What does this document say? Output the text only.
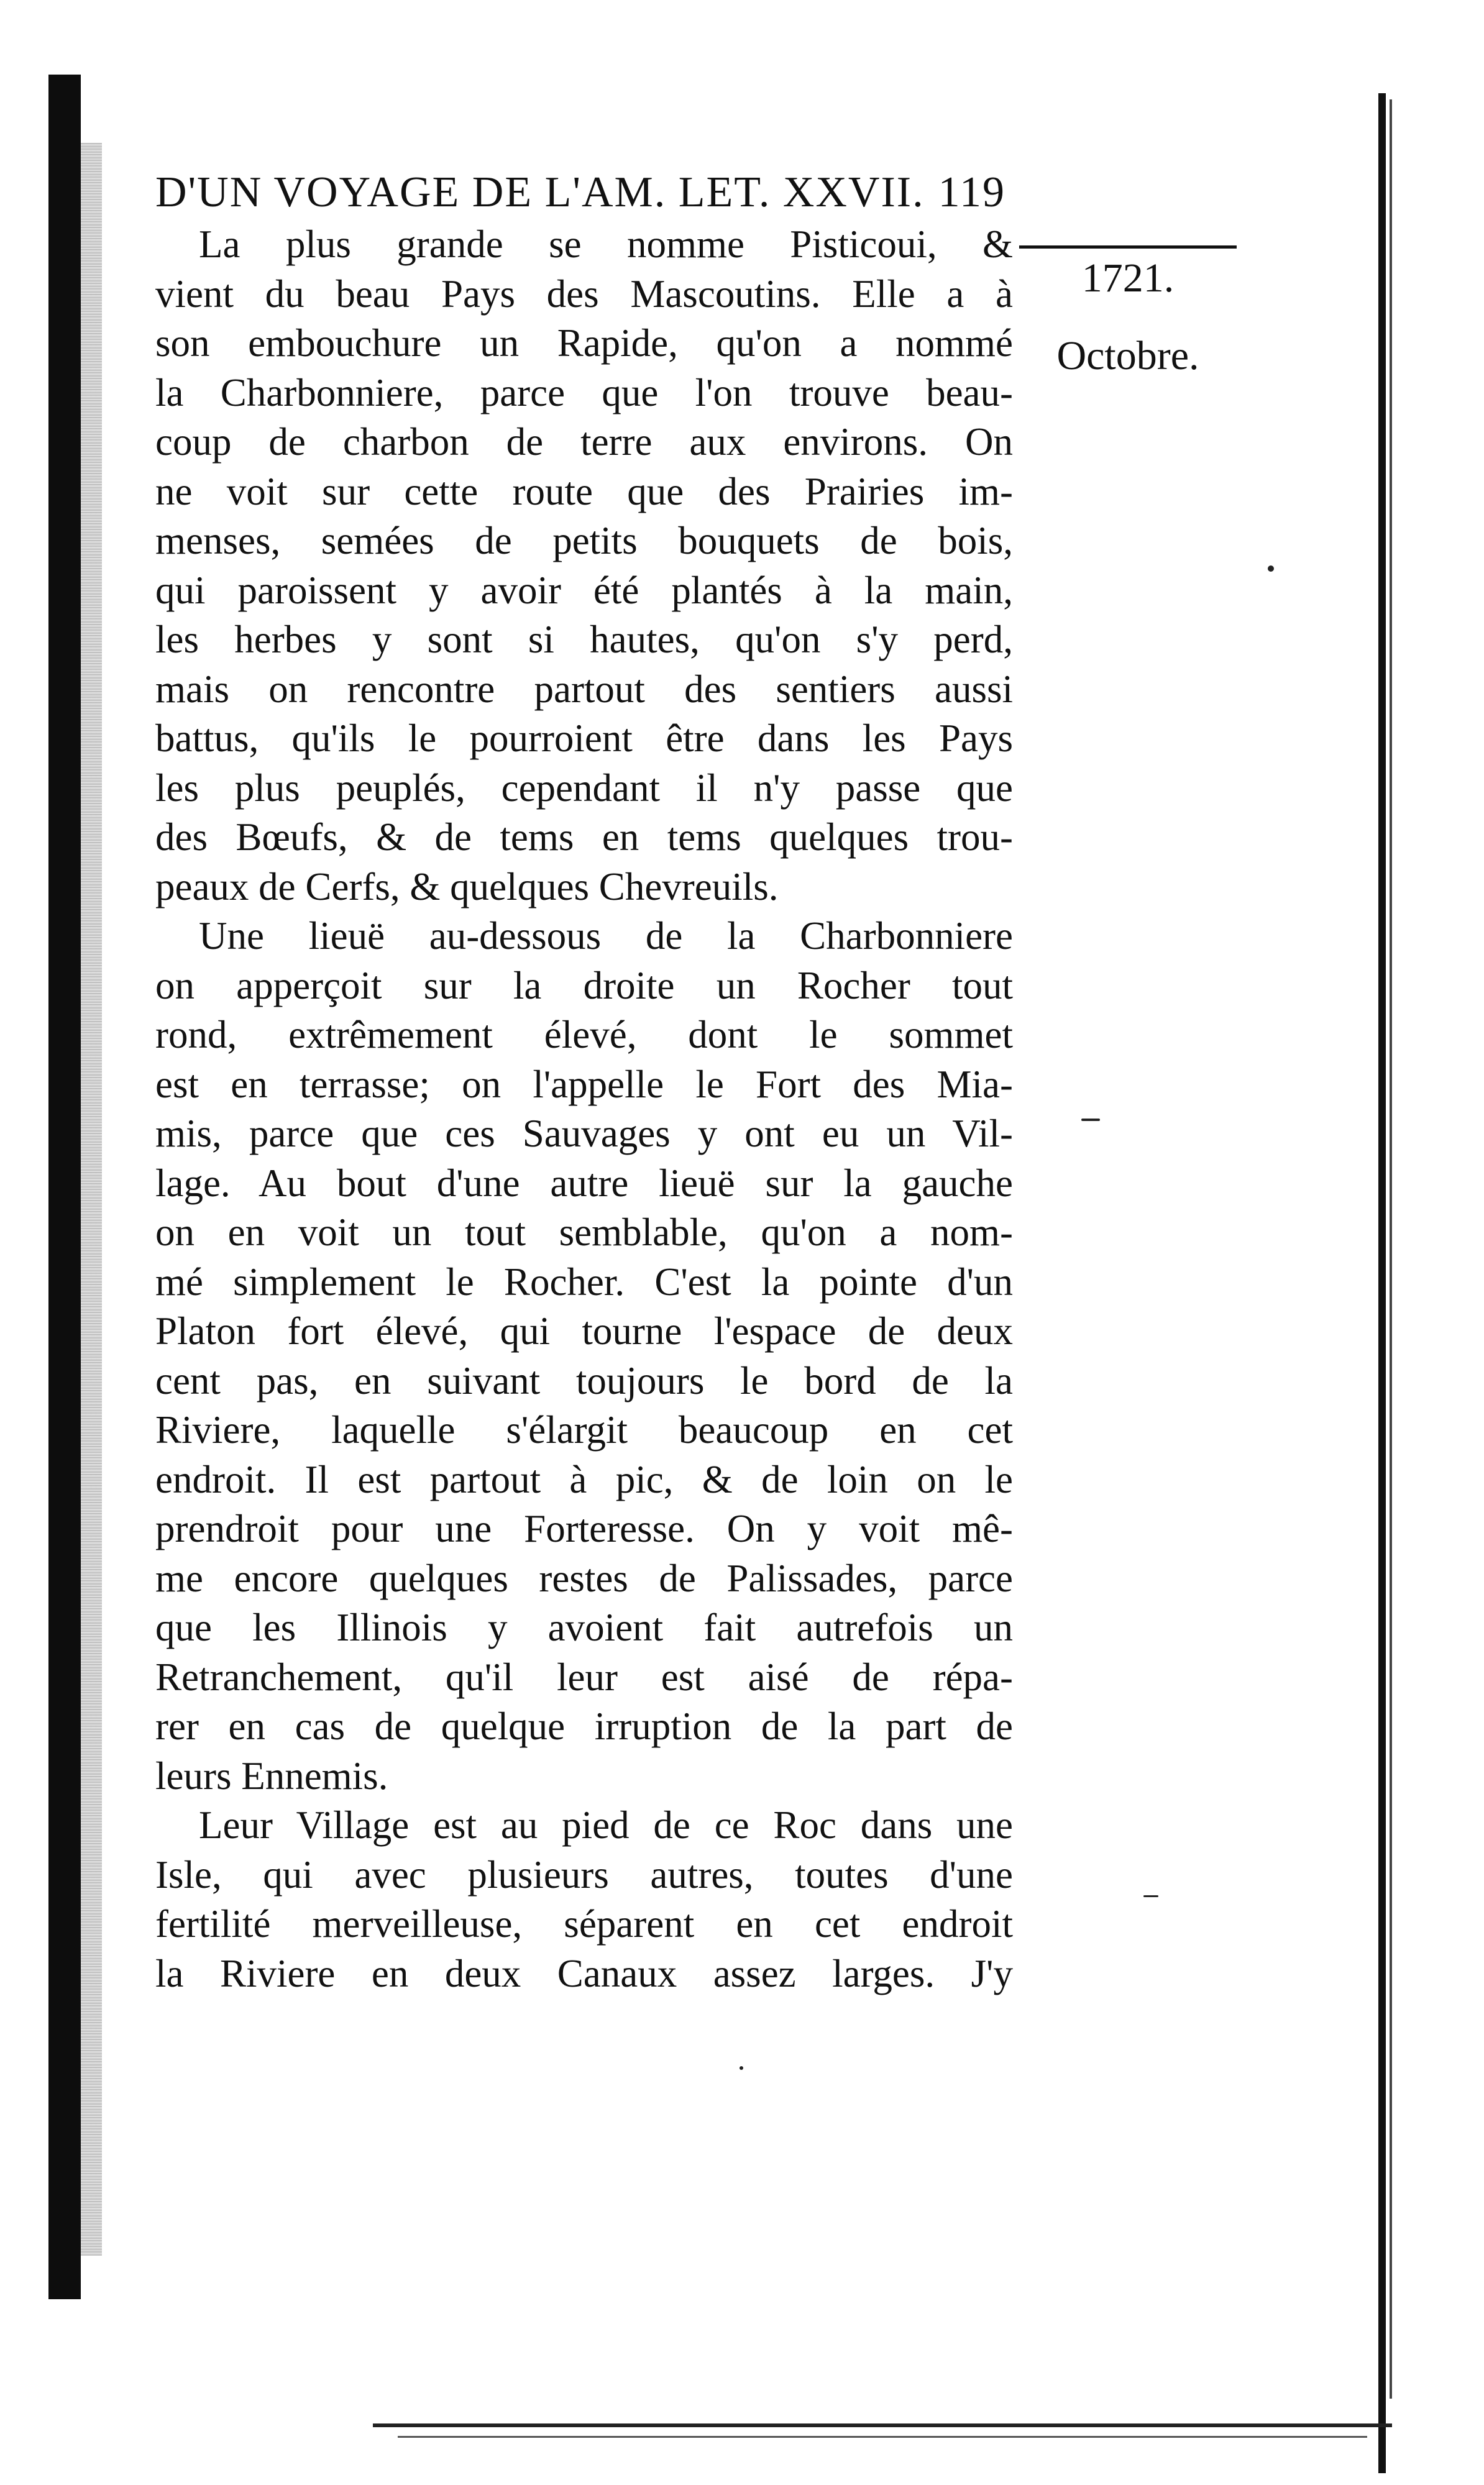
1721.
Octobre.
D'UN VOYAGE DE L'AM. LET. XXVII. 119
La plus grande se nomme Pisticoui, &
vient du beau Pays des Mascoutins. Elle a à
son embouchure un Rapide, qu'on a nommé
la Charbonniere, parce que l'on trouve beau-
coup de charbon de terre aux environs. On
ne voit sur cette route que des Prairies im-
menses, semées de petits bouquets de bois,
qui paroissent y avoir été plantés à la main,
les herbes y sont si hautes, qu'on s'y perd,
mais on rencontre partout des sentiers aussi
battus, qu'ils le pourroient être dans les Pays
les plus peuplés, cependant il n'y passe que
des Bœufs, & de tems en tems quelques trou-
peaux de Cerfs, & quelques Chevreuils.
Une lieuë au-dessous de la Charbonniere
on apperçoit sur la droite un Rocher tout
rond, extrêmement élevé, dont le sommet
est en terrasse; on l'appelle le Fort des Mia-
mis, parce que ces Sauvages y ont eu un Vil-
lage. Au bout d'une autre lieuë sur la gauche
on en voit un tout semblable, qu'on a nom-
mé simplement le Rocher. C'est la pointe d'un
Platon fort élevé, qui tourne l'espace de deux
cent pas, en suivant toujours le bord de la
Riviere, laquelle s'élargit beaucoup en cet
endroit. Il est partout à pic, & de loin on le
prendroit pour une Forteresse. On y voit mê-
me encore quelques restes de Palissades, parce
que les Illinois y avoient fait autrefois un
Retranchement, qu'il leur est aisé de répa-
rer en cas de quelque irruption de la part de
leurs Ennemis.
Leur Village est au pied de ce Roc dans une
Isle, qui avec plusieurs autres, toutes d'une
fertilité merveilleuse, séparent en cet endroit
la Riviere en deux Canaux assez larges. J'y
